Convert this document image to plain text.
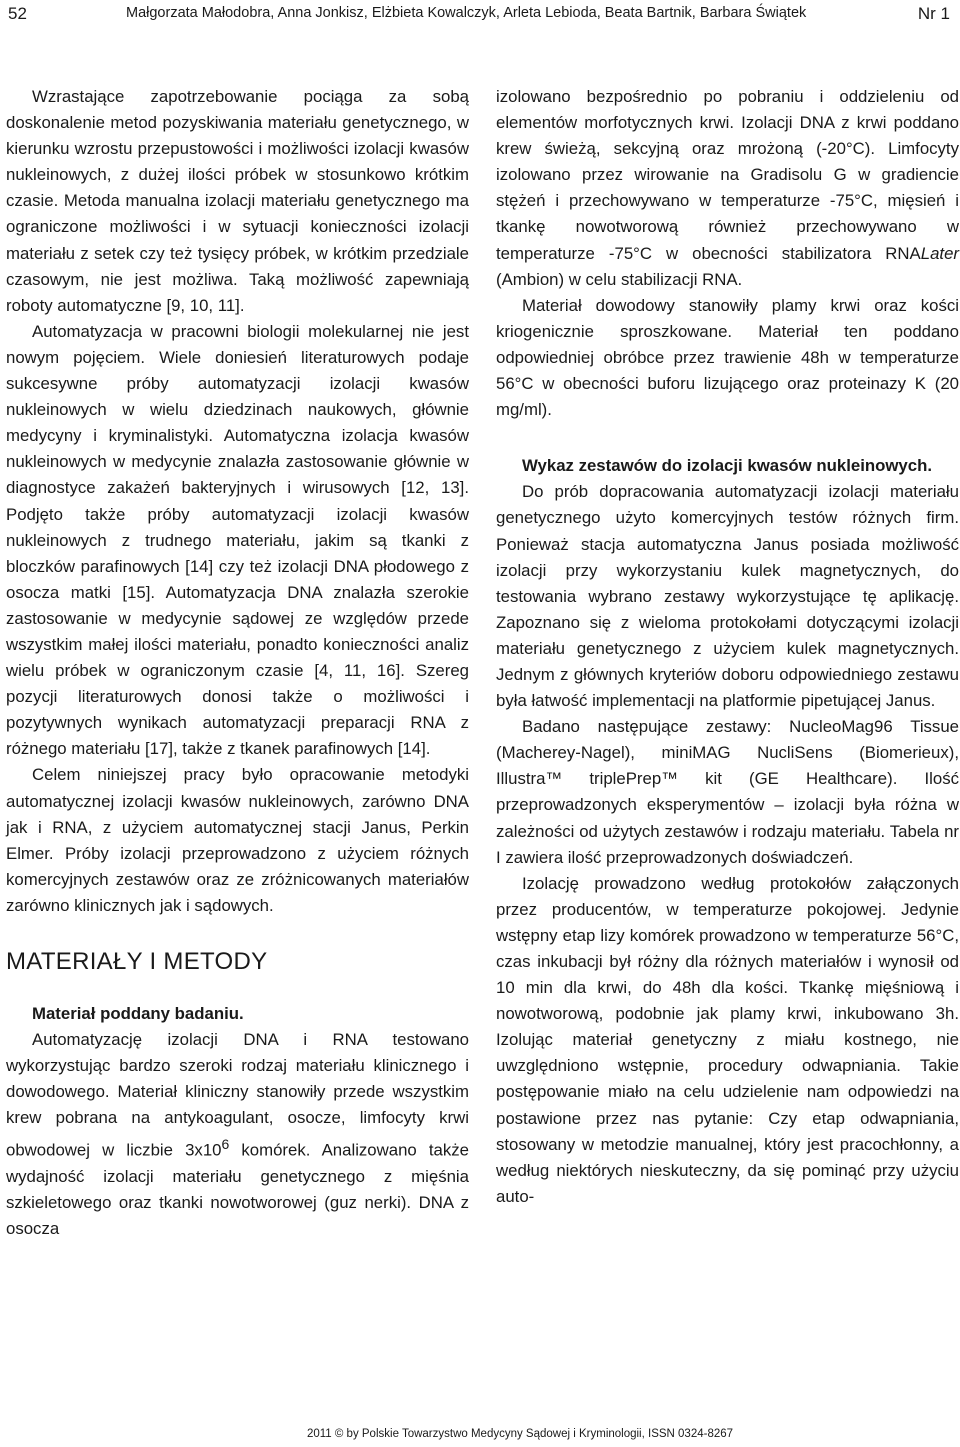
52	Małgorzata Małodobra, Anna Jonkisz, Elżbieta Kowalczyk, Arleta Lebioda, Beata Bartnik, Barbara Świątek	Nr 1

Wzrastające zapotrzebowanie pociąga za sobą doskonalenie metod pozyskiwania materiału genetycznego, w kierunku wzrostu przepustowości i możliwości izolacji kwasów nukleinowych, z dużej ilości próbek w stosunkowo krótkim czasie. Metoda manualna izolacji materiału genetycznego ma ograniczone możliwości i w sytuacji konieczności izolacji materiału z setek czy też tysięcy próbek, w krótkim przedziale czasowym, nie jest możliwa. Taką możliwość zapewniają roboty automatyczne [9, 10, 11].

Automatyzacja w pracowni biologii molekularnej nie jest nowym pojęciem. Wiele doniesień literaturowych podaje sukcesywne próby automatyzacji izolacji kwasów nukleinowych w wielu dziedzinach naukowych, głównie medycyny i kryminalistyki. Automatyczna izolacja kwasów nukleinowych w medycynie znalazła zastosowanie głównie w diagnostyce zakażeń bakteryjnych i wirusowych [12, 13]. Podjęto także próby automatyzacji izolacji kwasów nukleinowych z trudnego materiału, jakim są tkanki z bloczków parafinowych [14] czy też izolacji DNA płodowego z osocza matki [15]. Automatyzacja DNA znalazła szerokie zastosowanie w medycynie sądowej ze względów przede wszystkim małej ilości materiału, ponadto konieczności analiz wielu próbek w ograniczonym czasie [4, 11, 16]. Szereg pozycji literaturowych donosi także o możliwości i pozytywnych wynikach automatyzacji preparacji RNA z różnego materiału [17], także z tkanek parafinowych [14].

Celem niniejszej pracy było opracowanie metodyki automatycznej izolacji kwasów nukleinowych, zarówno DNA jak i RNA, z użyciem automatycznej stacji Janus, Perkin Elmer. Próby izolacji przeprowadzono z użyciem różnych komercyjnych zestawów oraz ze zróżnicowanych materiałów zarówno klinicznych jak i sądowych.

MATERIAŁY I METODY

Materiał poddany badaniu.

Automatyzację izolacji DNA i RNA testowano wykorzystując bardzo szeroki rodzaj materiału klinicznego i dowodowego. Materiał kliniczny stanowiły przede wszystkim krew pobrana na antykoagulant, osocze, limfocyty krwi obwodowej w liczbie $3x10^6$ komórek. Analizowano także wydajność izolacji materiału genetycznego z mięśnia szkieletowego oraz tkanki nowotworowej (guz nerki). DNA z osocza

izolowano bezpośrednio po pobraniu i oddzieleniu od elementów morfotycznych krwi. Izolacji DNA z krwi poddano krew świeżą, sekcyjną oraz mrożoną (-20°C). Limfocyty izolowano przez wirowanie na Gradisolu G w gradiencie stężeń i przechowywano w temperaturze -75°C, mięsień i tkankę nowotworową również przechowywano w temperaturze -75°C w obecności stabilizatora RNALater (Ambion) w celu stabilizacji RNA.

Materiał dowodowy stanowiły plamy krwi oraz kości kriogenicznie sproszkowane. Materiał ten poddano odpowiedniej obróbce przez trawienie 48h w temperaturze 56°C w obecności buforu lizującego oraz proteinazy K (20 mg/ml).

Wykaz zestawów do izolacji kwasów nukleinowych.

Do prób dopracowania automatyzacji izolacji materiału genetycznego użyto komercyjnych testów różnych firm. Ponieważ stacja automatyczna Janus posiada możliwość izolacji przy wykorzystaniu kulek magnetycznych, do testowania wybrano zestawy wykorzystujące tę aplikację. Zapoznano się z wieloma protokołami dotyczącymi izolacji materiału genetycznego z użyciem kulek magnetycznych. Jednym z głównych kryteriów doboru odpowiedniego zestawu była łatwość implementacji na platformie pipetującej Janus.

Badano następujące zestawy: NucleoMag96 Tissue (Macherey-Nagel), miniMAG NucliSens (Biomerieux), Illustra™ triplePrep™ kit (GE Healthcare). Ilość przeprowadzonych eksperymentów – izolacji była różna w zależności od użytych zestawów i rodzaju materiału. Tabela nr I zawiera ilość przeprowadzonych doświadczeń.

Izolację prowadzono według protokołów załączonych przez producentów, w temperaturze pokojowej. Jedynie wstępny etap lizy komórek prowadzono w temperaturze 56°C, czas inkubacji był różny dla różnych materiałów i wynosił od 10 min dla krwi, do 48h dla kości. Tkankę mięśniową i nowotworową, podobnie jak plamy krwi, inkubowano 3h. Izolując materiał genetyczny z miału kostnego, nie uwzględniono wstępnie, procedury odwapniania. Takie postępowanie miało na celu udzielenie nam odpowiedzi na postawione przez nas pytanie: Czy etap odwapniania, stosowany w metodzie manualnej, który jest pracochłonny, a według niektórych nieskuteczny, da się pominąć przy użyciu auto-

2011 © by Polskie Towarzystwo Medycyny Sądowej i Kryminologii, ISSN 0324-8267
